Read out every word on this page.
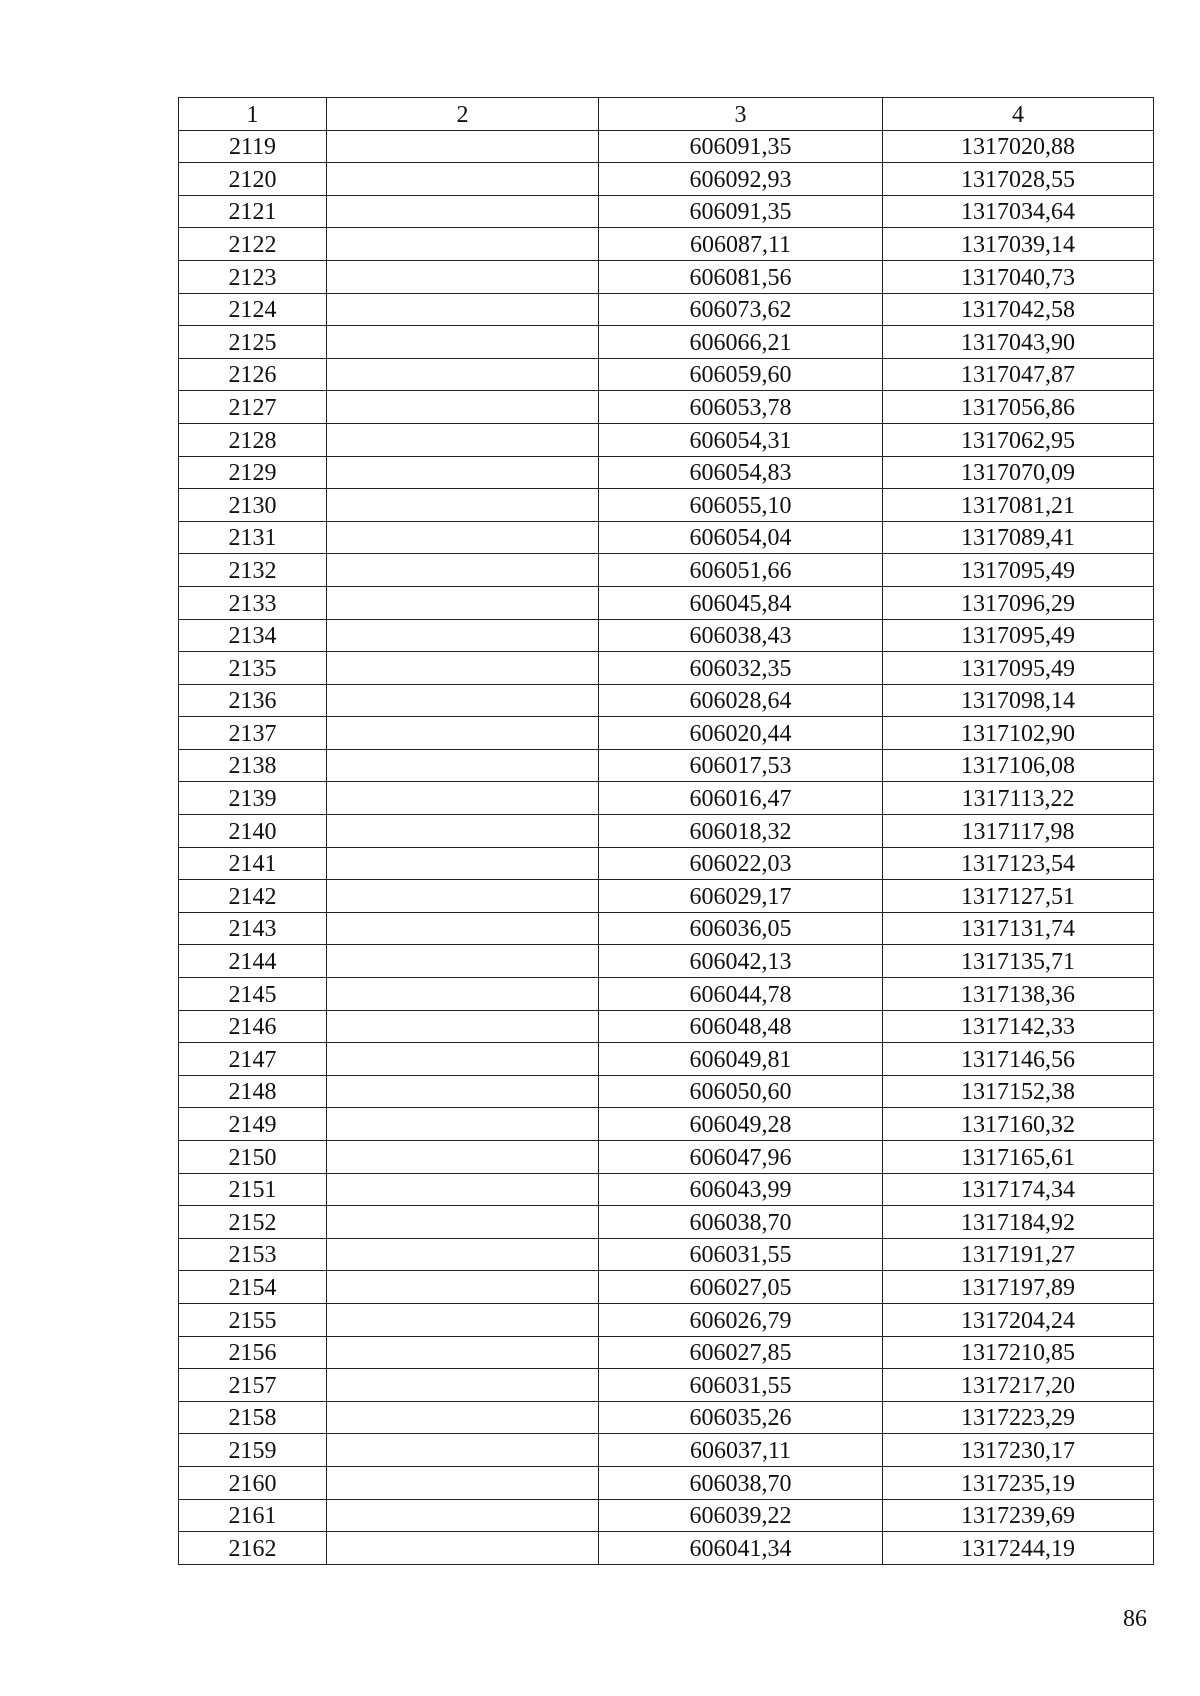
1	2	3	4
2119		606091,35	1317020,88
2120		606092,93	1317028,55
2121		606091,35	1317034,64
2122		606087,11	1317039,14
2123		606081,56	1317040,73
2124		606073,62	1317042,58
2125		606066,21	1317043,90
2126		606059,60	1317047,87
2127		606053,78	1317056,86
2128		606054,31	1317062,95
2129		606054,83	1317070,09
2130		606055,10	1317081,21
2131		606054,04	1317089,41
2132		606051,66	1317095,49
2133		606045,84	1317096,29
2134		606038,43	1317095,49
2135		606032,35	1317095,49
2136		606028,64	1317098,14
2137		606020,44	1317102,90
2138		606017,53	1317106,08
2139		606016,47	1317113,22
2140		606018,32	1317117,98
2141		606022,03	1317123,54
2142		606029,17	1317127,51
2143		606036,05	1317131,74
2144		606042,13	1317135,71
2145		606044,78	1317138,36
2146		606048,48	1317142,33
2147		606049,81	1317146,56
2148		606050,60	1317152,38
2149		606049,28	1317160,32
2150		606047,96	1317165,61
2151		606043,99	1317174,34
2152		606038,70	1317184,92
2153		606031,55	1317191,27
2154		606027,05	1317197,89
2155		606026,79	1317204,24
2156		606027,85	1317210,85
2157		606031,55	1317217,20
2158		606035,26	1317223,29
2159		606037,11	1317230,17
2160		606038,70	1317235,19
2161		606039,22	1317239,69
2162		606041,34	1317244,19
86
